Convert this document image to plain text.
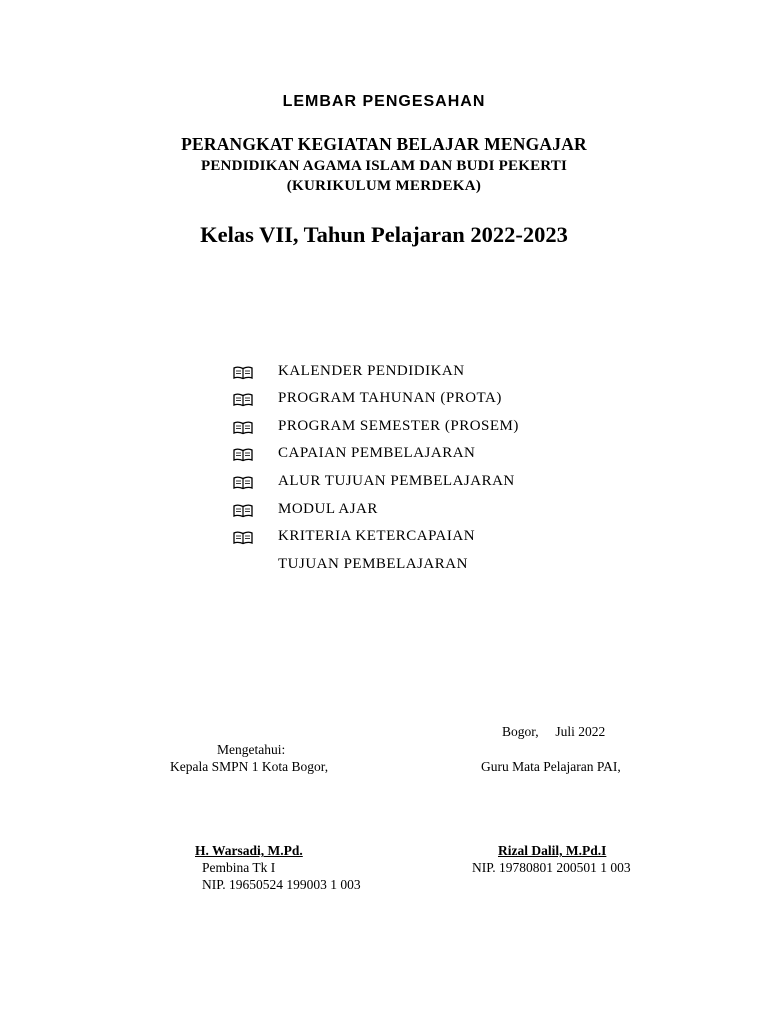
LEMBAR PENGESAHAN
PERANGKAT KEGIATAN BELAJAR MENGAJAR
PENDIDIKAN AGAMA ISLAM DAN BUDI PEKERTI
(KURIKULUM MERDEKA)
Kelas VII, Tahun Pelajaran 2022-2023
KALENDER PENDIDIKAN
PROGRAM TAHUNAN (PROTA)
PROGRAM SEMESTER (PROSEM)
CAPAIAN PEMBELAJARAN
ALUR TUJUAN PEMBELAJARAN
MODUL AJAR
KRITERIA KETERCAPAIAN
TUJUAN PEMBELAJARAN
Bogor, Juli 2022
Mengetahui:
Kepala SMPN 1 Kota Bogor,	Guru Mata Pelajaran PAI,
H. Warsadi, M.Pd.	Rizal Dalil, M.Pd.I
Pembina Tk I	NIP. 19780801 200501 1 003
NIP. 19650524 199003 1 003
